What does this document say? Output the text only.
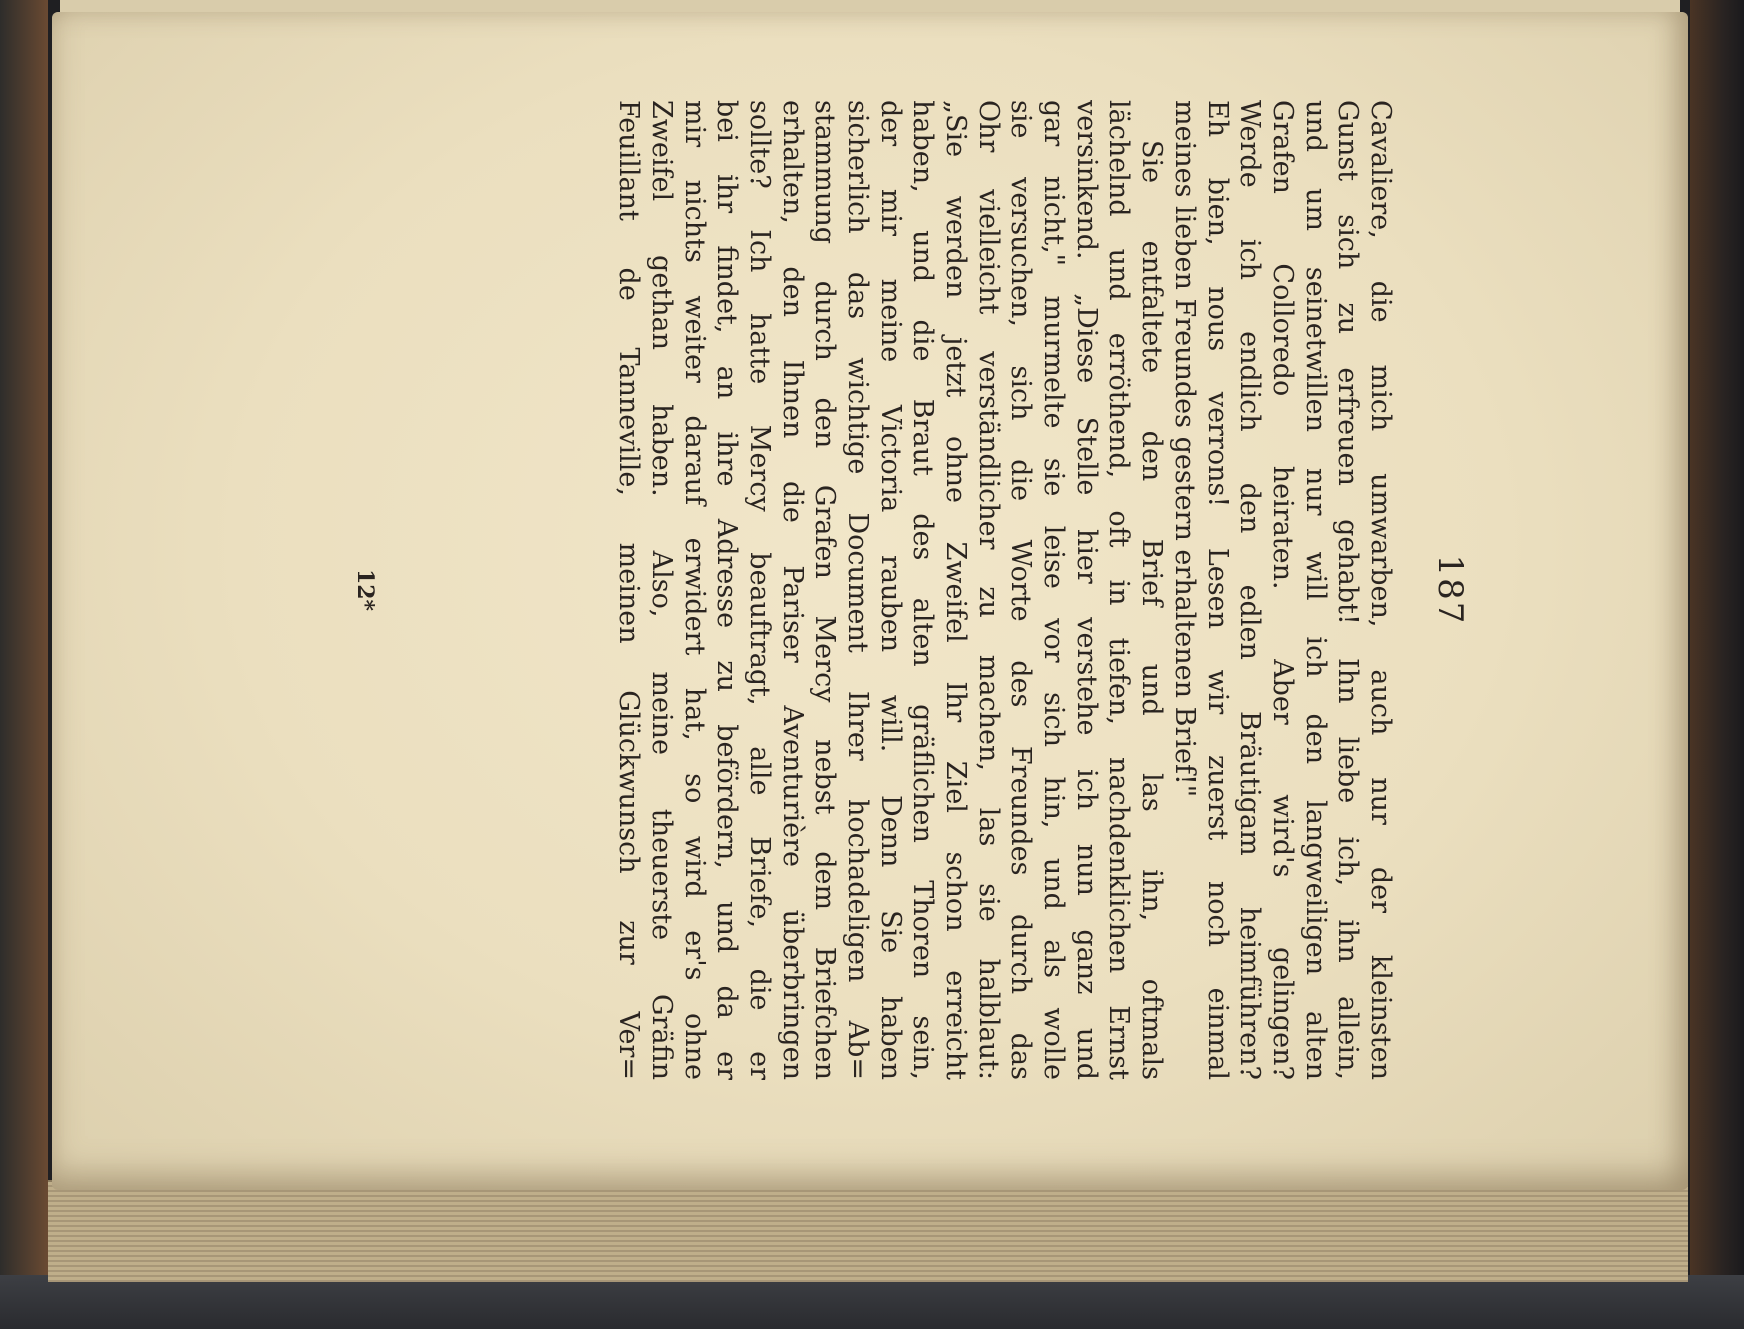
187
Cavaliere, die mich umwarben, auch nur der kleinsten
Gunst sich zu erfreuen gehabt! Ihn liebe ich, ihn allein,
und um seinetwillen nur will ich den langweiligen alten
Grafen Colloredo heiraten. Aber wird's gelingen?
Werde ich endlich den edlen Bräutigam heimführen?
Eh bien, nous verrons! Lesen wir zuerst noch einmal
meines lieben Freundes gestern erhaltenen Brief!"
Sie entfaltete den Brief und las ihn, oftmals
lächelnd und erröthend, oft in tiefen, nachdenklichen Ernst
versinkend. „Diese Stelle hier verstehe ich nun ganz und
gar nicht," murmelte sie leise vor sich hin, und als wolle
sie versuchen, sich die Worte des Freundes durch das
Ohr vielleicht verständlicher zu machen, las sie halblaut:
„Sie werden jetzt ohne Zweifel Ihr Ziel schon erreicht
haben, und die Braut des alten gräflichen Thoren sein,
der mir meine Victoria rauben will. Denn Sie haben
sicherlich das wichtige Document Ihrer hochadeligen Ab=
stammung durch den Grafen Mercy nebst dem Briefchen
erhalten, den Ihnen die Pariser Aventurière überbringen
sollte? Ich hatte Mercy beauftragt, alle Briefe, die er
bei ihr findet, an ihre Adresse zu befördern, und da er
mir nichts weiter darauf erwidert hat, so wird er's ohne
Zweifel gethan haben. Also, meine theuerste Gräfin
Feuillant de Tanneville, meinen Glückwunsch zur Ver=
12*
